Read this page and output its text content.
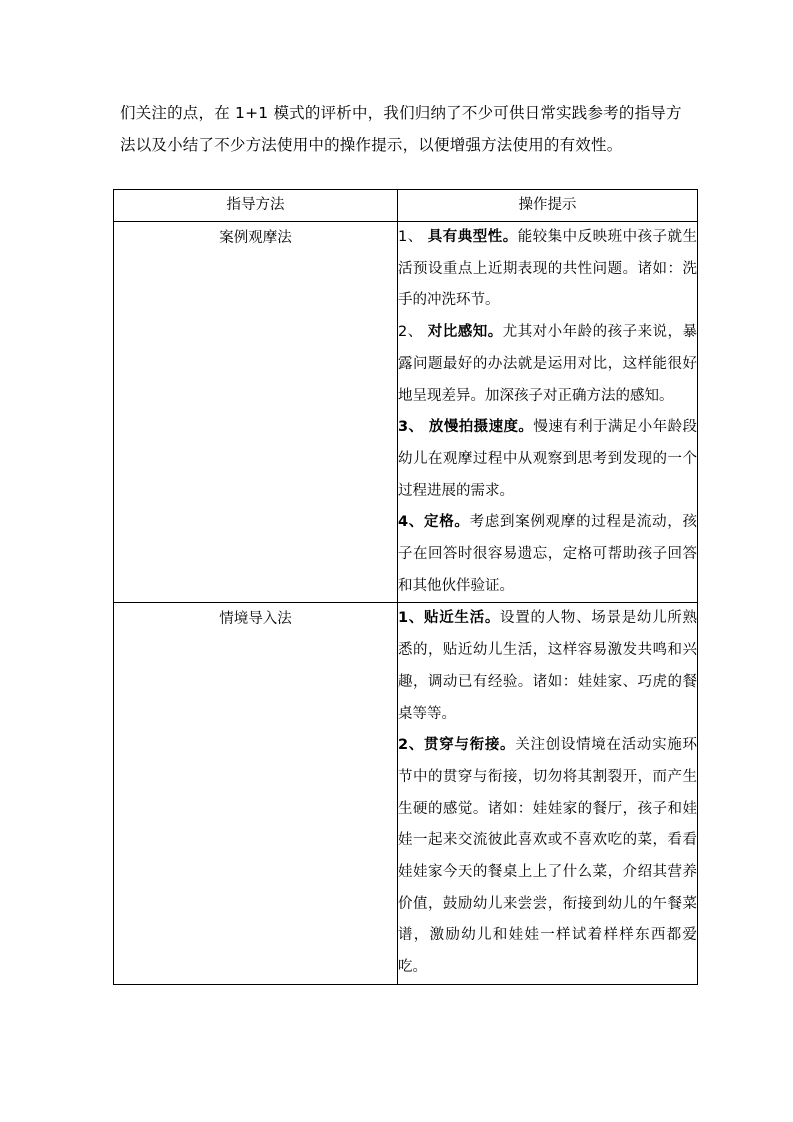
们关注的点，在 1+1 模式的评析中，我们归纳了不少可供日常实践参考的指导方

法以及小结了不少方法使用中的操作提示，以便增强方法使用的有效性。

指导方法	操作提示
案例观摩法	1、 具有典型性。能较集中反映班中孩子就生活预设重点上近期表现的共性问题。诸如：洗手的冲洗环节。

2、 对比感知。尤其对小年龄的孩子来说，暴露问题最好的办法就是运用对比，这样能很好地呈现差异。加深孩子对正确方法的感知。

3、 放慢拍摄速度。慢速有利于满足小年龄段幼儿在观摩过程中从观察到思考到发现的一个过程进展的需求。

4、定格。考虑到案例观摩的过程是流动，孩子在回答时很容易遗忘，定格可帮助孩子回答和其他伙伴验证。

情境导入法	1、贴近生活。设置的人物、场景是幼儿所熟悉的，贴近幼儿生活，这样容易激发共鸣和兴趣，调动已有经验。诸如：娃娃家、巧虎的餐桌等等。

2、贯穿与衔接。关注创设情境在活动实施环节中的贯穿与衔接，切勿将其割裂开，而产生生硬的感觉。诸如：娃娃家的餐厅，孩子和娃娃一起来交流彼此喜欢或不喜欢吃的菜，看看娃娃家今天的餐桌上上了什么菜，介绍其营养价值，鼓励幼儿来尝尝，衔接到幼儿的午餐菜谱，激励幼儿和娃娃一样试着样样东西都爱吃。
